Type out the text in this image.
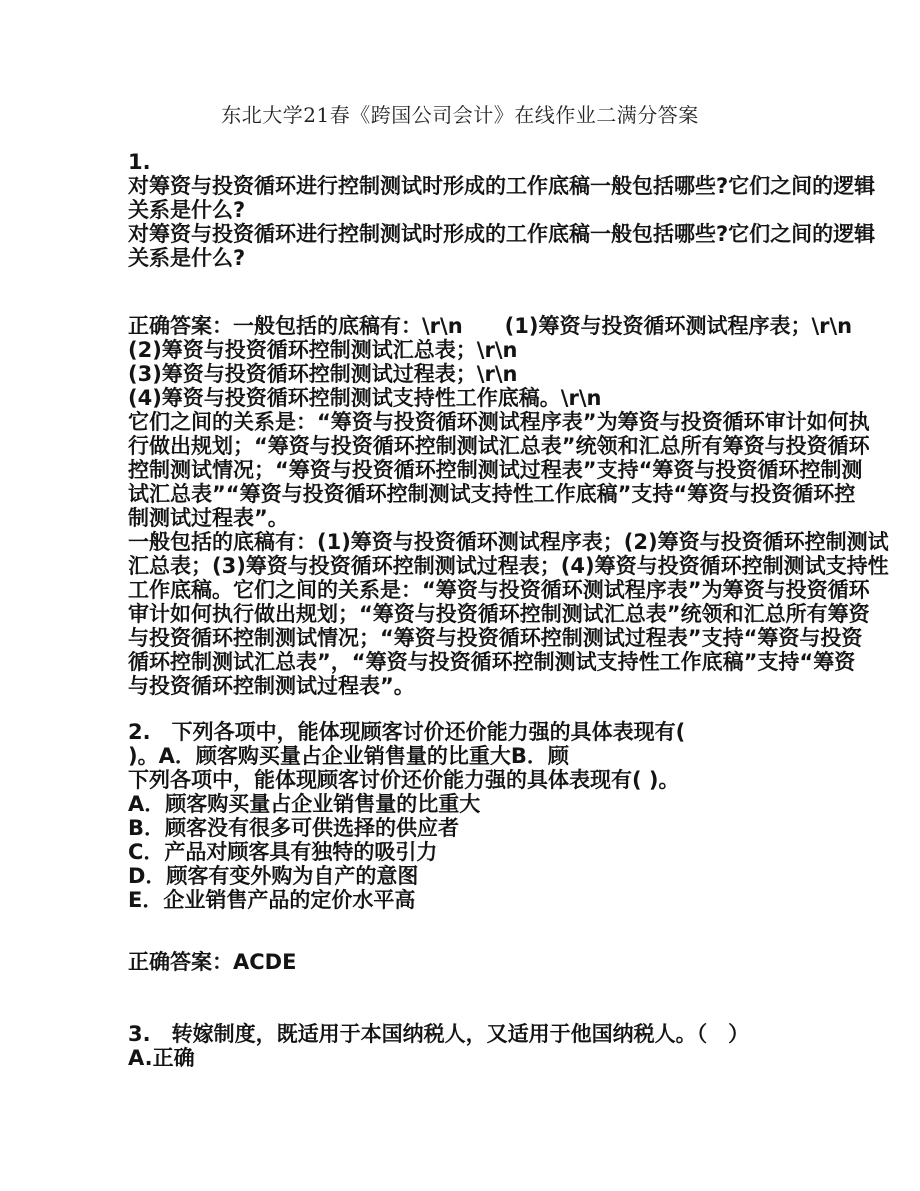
东北大学21春《跨国公司会计》在线作业二满分答案
1.
对筹资与投资循环进行控制测试时形成的工作底稿一般包括哪些?它们之间的逻辑
关系是什么?
对筹资与投资循环进行控制测试时形成的工作底稿一般包括哪些?它们之间的逻辑
关系是什么?
正确答案：一般包括的底稿有：\r\n　　(1)筹资与投资循环测试程序表；\r\n
(2)筹资与投资循环控制测试汇总表；\r\n
(3)筹资与投资循环控制测试过程表；\r\n
(4)筹资与投资循环控制测试支持性工作底稿。\r\n
它们之间的关系是：“筹资与投资循环测试程序表”为筹资与投资循环审计如何执
行做出规划；“筹资与投资循环控制测试汇总表”统领和汇总所有筹资与投资循环
控制测试情况；“筹资与投资循环控制测试过程表”支持“筹资与投资循环控制测
试汇总表”“筹资与投资循环控制测试支持性工作底稿”支持“筹资与投资循环控
制测试过程表”。
一般包括的底稿有：(1)筹资与投资循环测试程序表；(2)筹资与投资循环控制测试
汇总表；(3)筹资与投资循环控制测试过程表；(4)筹资与投资循环控制测试支持性
工作底稿。它们之间的关系是：“筹资与投资循环测试程序表”为筹资与投资循环
审计如何执行做出规划；“筹资与投资循环控制测试汇总表”统领和汇总所有筹资
与投资循环控制测试情况；“筹资与投资循环控制测试过程表”支持“筹资与投资
循环控制测试汇总表”，“筹资与投资循环控制测试支持性工作底稿”支持“筹资
与投资循环控制测试过程表”。
2.　下列各项中，能体现顾客讨价还价能力强的具体表现有(
)。A．顾客购买量占企业销售量的比重大B．顾
下列各项中，能体现顾客讨价还价能力强的具体表现有( )。
A．顾客购买量占企业销售量的比重大
B．顾客没有很多可供选择的供应者
C．产品对顾客具有独特的吸引力
D．顾客有变外购为自产的意图
E．企业销售产品的定价水平高
正确答案：ACDE
3.　转嫁制度，既适用于本国纳税人，又适用于他国纳税人。（　）
A.正确
